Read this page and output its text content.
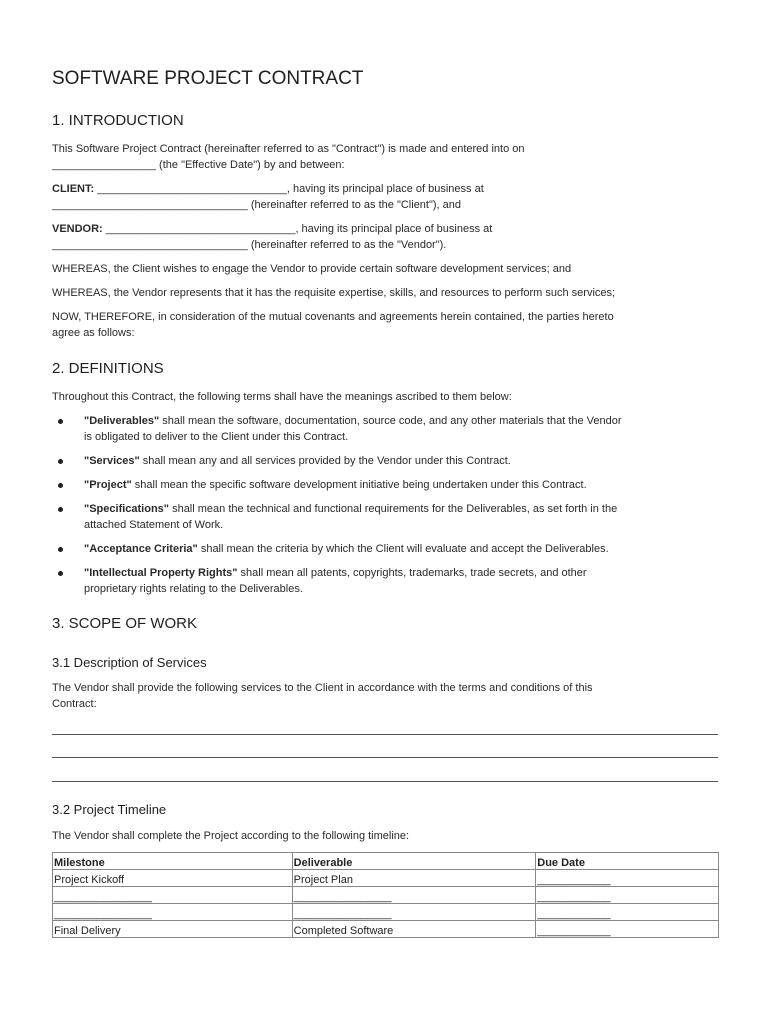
SOFTWARE PROJECT CONTRACT
1. INTRODUCTION
This Software Project Contract (hereinafter referred to as "Contract") is made and entered into on
_________________ (the "Effective Date") by and between:
CLIENT: _______________________________, having its principal place of business at
________________________________ (hereinafter referred to as the "Client"), and
VENDOR: _______________________________, having its principal place of business at
________________________________ (hereinafter referred to as the "Vendor").
WHEREAS, the Client wishes to engage the Vendor to provide certain software development services; and
WHEREAS, the Vendor represents that it has the requisite expertise, skills, and resources to perform such services;
NOW, THEREFORE, in consideration of the mutual covenants and agreements herein contained, the parties hereto
agree as follows:
2. DEFINITIONS
Throughout this Contract, the following terms shall have the meanings ascribed to them below:
"Deliverables" shall mean the software, documentation, source code, and any other materials that the Vendor
is obligated to deliver to the Client under this Contract.
"Services" shall mean any and all services provided by the Vendor under this Contract.
"Project" shall mean the specific software development initiative being undertaken under this Contract.
"Specifications" shall mean the technical and functional requirements for the Deliverables, as set forth in the
attached Statement of Work.
"Acceptance Criteria" shall mean the criteria by which the Client will evaluate and accept the Deliverables.
"Intellectual Property Rights" shall mean all patents, copyrights, trademarks, trade secrets, and other
proprietary rights relating to the Deliverables.
3. SCOPE OF WORK
3.1 Description of Services
The Vendor shall provide the following services to the Client in accordance with the terms and conditions of this
Contract:
3.2 Project Timeline
The Vendor shall complete the Project according to the following timeline:
Milestone	Deliverable	Due Date
Project Kickoff	Project Plan	____________
________________	________________	____________
________________	________________	____________
Final Delivery	Completed Software	____________
